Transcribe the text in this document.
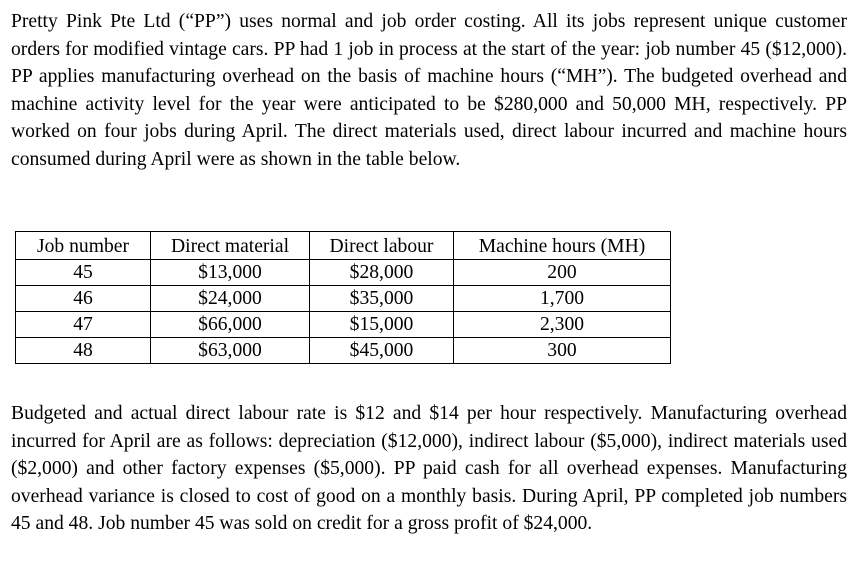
Pretty Pink Pte Ltd (“PP”) uses normal and job order costing. All its jobs represent unique customer orders for modified vintage cars. PP had 1 job in process at the start of the year: job number 45 ($12,000). PP applies manufacturing overhead on the basis of machine hours (“MH”). The budgeted overhead and machine activity level for the year were anticipated to be $280,000 and 50,000 MH, respectively. PP worked on four jobs during April. The direct materials used, direct labour incurred and machine hours consumed during April were as shown in the table below.

Job number	Direct material	Direct labour	Machine hours (MH)
45	$13,000	$28,000	200
46	$24,000	$35,000	1,700
47	$66,000	$15,000	2,300
48	$63,000	$45,000	300

Budgeted and actual direct labour rate is $12 and $14 per hour respectively. Manufacturing overhead incurred for April are as follows: depreciation ($12,000), indirect labour ($5,000), indirect materials used ($2,000) and other factory expenses ($5,000). PP paid cash for all overhead expenses. Manufacturing overhead variance is closed to cost of good on a monthly basis. During April, PP completed job numbers 45 and 48. Job number 45 was sold on credit for a gross profit of $24,000.
